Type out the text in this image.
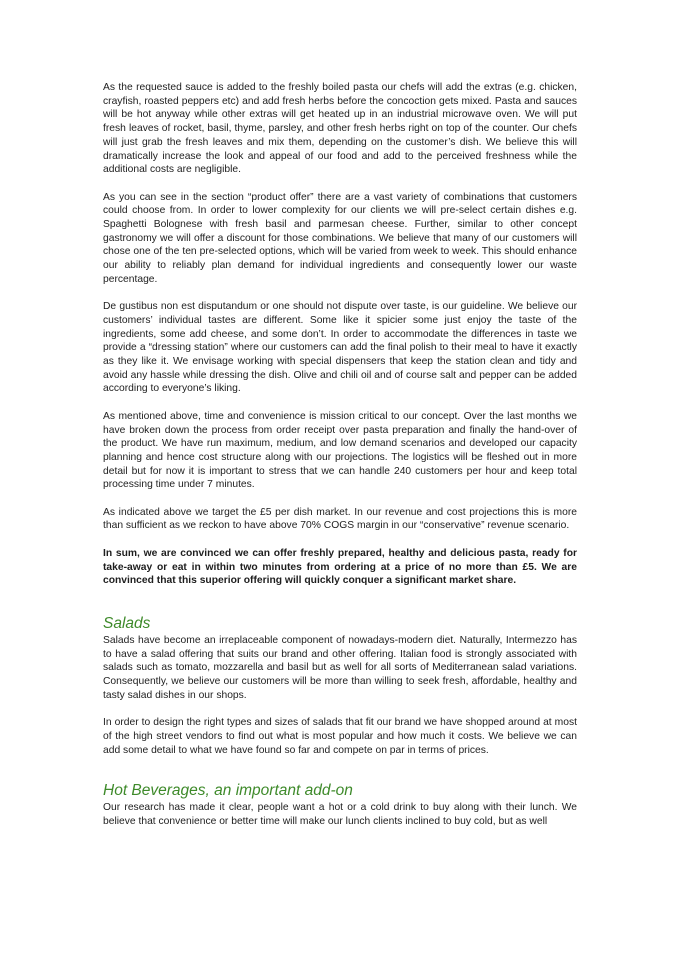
As the requested sauce is added to the freshly boiled pasta our chefs will add the extras (e.g. chicken, crayfish, roasted peppers etc) and add fresh herbs before the concoction gets mixed. Pasta and sauces will be hot anyway while other extras will get heated up in an industrial microwave oven. We will put fresh leaves of rocket, basil, thyme, parsley, and other fresh herbs right on top of the counter. Our chefs will just grab the fresh leaves and mix them, depending on the customer’s dish. We believe this will dramatically increase the look and appeal of our food and add to the perceived freshness while the additional costs are negligible.

As you can see in the section “product offer” there are a vast variety of combinations that customers could choose from. In order to lower complexity for our clients we will pre-select certain dishes e.g. Spaghetti Bolognese with fresh basil and parmesan cheese. Further, similar to other concept gastronomy we will offer a discount for those combinations. We believe that many of our customers will chose one of the ten pre-selected options, which will be varied from week to week. This should enhance our ability to reliably plan demand for individual ingredients and consequently lower our waste percentage.

De gustibus non est disputandum or one should not dispute over taste, is our guideline. We believe our customers’ individual tastes are different. Some like it spicier some just enjoy the taste of the ingredients, some add cheese, and some don’t. In order to accommodate the differences in taste we provide a “dressing station” where our customers can add the final polish to their meal to have it exactly as they like it. We envisage working with special dispensers that keep the station clean and tidy and avoid any hassle while dressing the dish. Olive and chili oil and of course salt and pepper can be added according to everyone’s liking.

As mentioned above, time and convenience is mission critical to our concept. Over the last months we have broken down the process from order receipt over pasta preparation and finally the hand-over of the product. We have run maximum, medium, and low demand scenarios and developed our capacity planning and hence cost structure along with our projections. The logistics will be fleshed out in more detail but for now it is important to stress that we can handle 240 customers per hour and keep total processing time under 7 minutes.

As indicated above we target the £5 per dish market. In our revenue and cost projections this is more than sufficient as we reckon to have above 70% COGS margin in our “conservative” revenue scenario.

In sum, we are convinced we can offer freshly prepared, healthy and delicious pasta, ready for take-away or eat in within two minutes from ordering at a price of no more than £5. We are convinced that this superior offering will quickly conquer a significant market share.

Salads

Salads have become an irreplaceable component of nowadays-modern diet. Naturally, Intermezzo has to have a salad offering that suits our brand and other offering. Italian food is strongly associated with salads such as tomato, mozzarella and basil but as well for all sorts of Mediterranean salad variations. Consequently, we believe our customers will be more than willing to seek fresh, affordable, healthy and tasty salad dishes in our shops.

In order to design the right types and sizes of salads that fit our brand we have shopped around at most of the high street vendors to find out what is most popular and how much it costs. We believe we can add some detail to what we have found so far and compete on par in terms of prices.

Hot Beverages, an important add-on

Our research has made it clear, people want a hot or a cold drink to buy along with their lunch. We believe that convenience or better time will make our lunch clients inclined to buy cold, but as well
